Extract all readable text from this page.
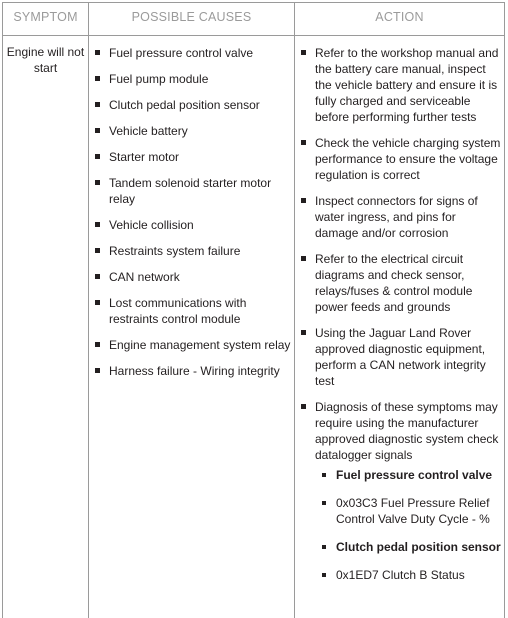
SYMPTOM	POSSIBLE CAUSES	ACTION
Engine will not start
Fuel pressure control valve
Fuel pump module
Clutch pedal position sensor
Vehicle battery
Starter motor
Tandem solenoid starter motor relay
Vehicle collision
Restraints system failure
CAN network
Lost communications with restraints control module
Engine management system relay
Harness failure - Wiring integrity
Refer to the workshop manual and the battery care manual, inspect the vehicle battery and ensure it is fully charged and serviceable before performing further tests
Check the vehicle charging system performance to ensure the voltage regulation is correct
Inspect connectors for signs of water ingress, and pins for damage and/or corrosion
Refer to the electrical circuit diagrams and check sensor, relays/fuses & control module power feeds and grounds
Using the Jaguar Land Rover approved diagnostic equipment, perform a CAN network integrity test
Diagnosis of these symptoms may require using the manufacturer approved diagnostic system check datalogger signals
Fuel pressure control valve
0x03C3 Fuel Pressure Relief Control Valve Duty Cycle - %
Clutch pedal position sensor
0x1ED7 Clutch B Status
